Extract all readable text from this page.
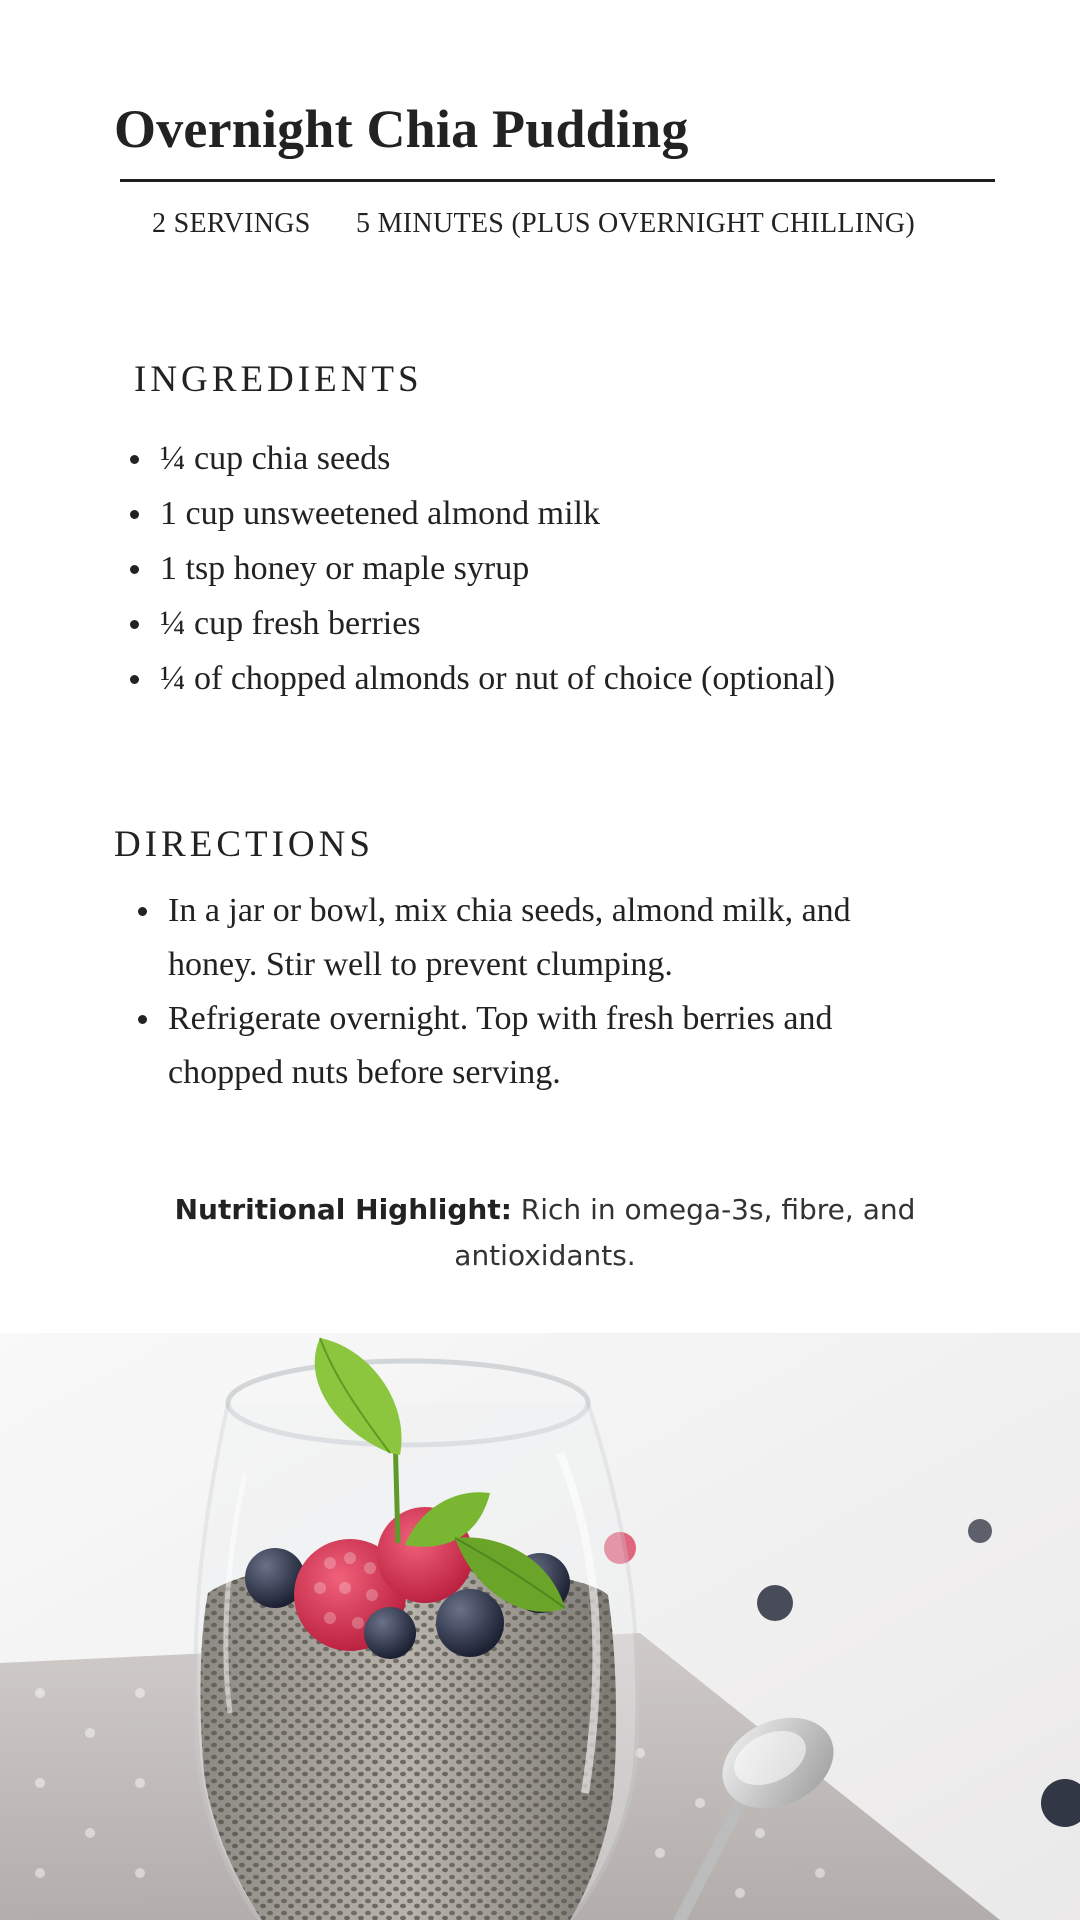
Overnight Chia Pudding
2 SERVINGS 5 MINUTES (PLUS OVERNIGHT CHILLING)
INGREDIENTS
¼ cup chia seeds
1 cup unsweetened almond milk
1 tsp honey or maple syrup
¼ cup fresh berries
¼ of chopped almonds or nut of choice (optional)
DIRECTIONS
In a jar or bowl, mix chia seeds, almond milk, and honey. Stir well to prevent clumping.
Refrigerate overnight. Top with fresh berries and chopped nuts before serving.

Nutritional Highlight: Rich in omega-3s, fibre, and antioxidants.
